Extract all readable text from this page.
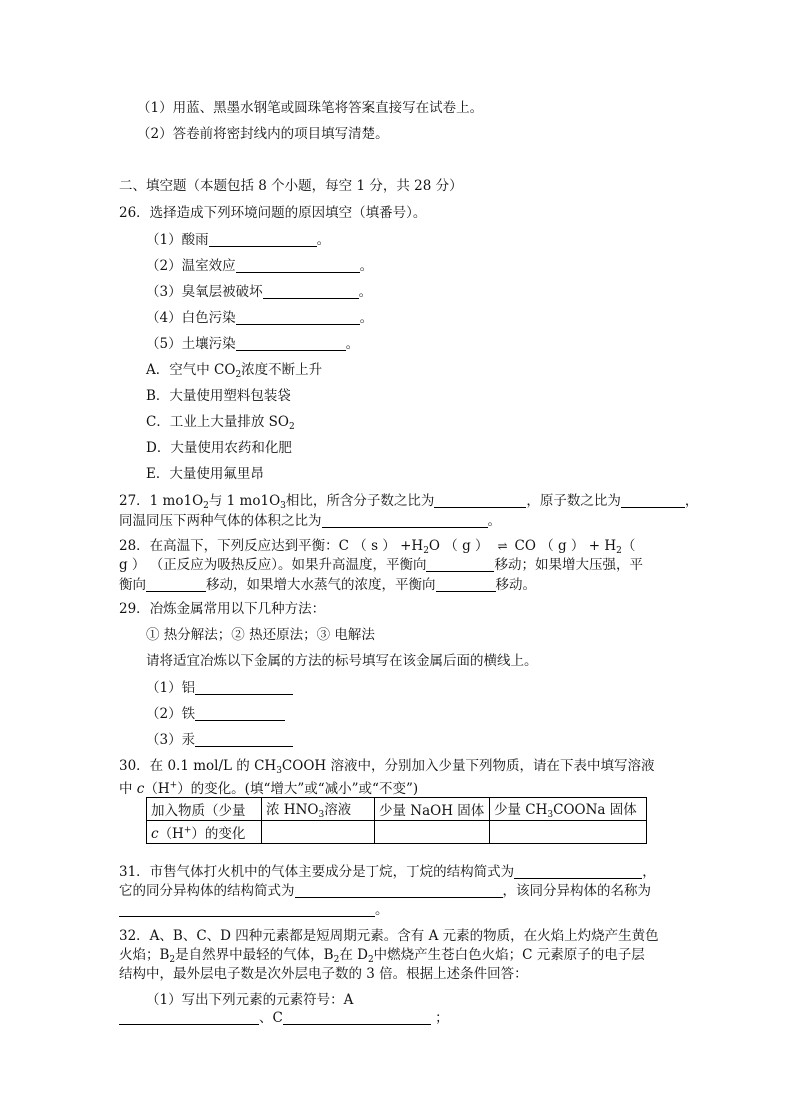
（1）用蓝、黑墨水钢笔或圆珠笔将答案直接写在试卷上。
（2）答卷前将密封线内的项目填写清楚。
二、填空题（本题包括 8 个小题，每空 1 分，共 28 分）
26．选择造成下列环境问题的原因填空（填番号）。
（1）酸雨	。
（2）温室效应	。
（3）臭氧层被破坏	。
（4）白色污染	。
（5）土壤污染	。
A．空气中 $CO_2$浓度不断上升
B．大量使用塑料包装袋
C．工业上大量排放 $SO_2$
D．大量使用农药和化肥
E．大量使用氟里昂
27．1 $mo1O_2$与 1 $mo1O_3$相比，所含分子数之比为	，原子数之比为	，
同温同压下两种气体的体积之比为	。
28．在高温下，下列反应达到平衡：C （ s ） $+H_2O$ （ g ） ⇌ CO （ g ） + $H_2$（
g ） （正反应为吸热反应）。如果升高温度，平衡向	移动；如果增大压强，平
衡向	移动，如果增大水蒸气的浓度，平衡向	移动。
29．冶炼金属常用以下几种方法：
① 热分解法；② 热还原法；③ 电解法
请将适宜冶炼以下金属的方法的标号填写在该金属后面的横线上。
（1）铝
（2）铁
（3）汞
30．在 0.1 mol/L 的 $CH_3COOH$ 溶液中，分别加入少量下列物质，请在下表中填写溶液
中 c（H+）的变化。(填“增大”或“减小”或“不变”)
加入物质（少量	浓 $HNO_3$溶液	少量 NaOH 固体	少量 $CH_3COONa$ 固体
c（H+）的变化			
31．市售气体打火机中的气体主要成分是丁烷，丁烷的结构简式为	，
它的同分异构体的结构简式为	，该同分异构体的名称为
。
32．A、B、C、D 四种元素都是短周期元素。含有 A 元素的物质，在火焰上灼烧产生黄色
火焰；$B_2$是自然界中最轻的气体，$B_2$在 $D_2$中燃烧产生苍白色火焰；C 元素原子的电子层
结构中，最外层电子数是次外层电子数的 3 倍。根据上述条件回答：
（1）写出下列元素的元素符号：A
、C	；
